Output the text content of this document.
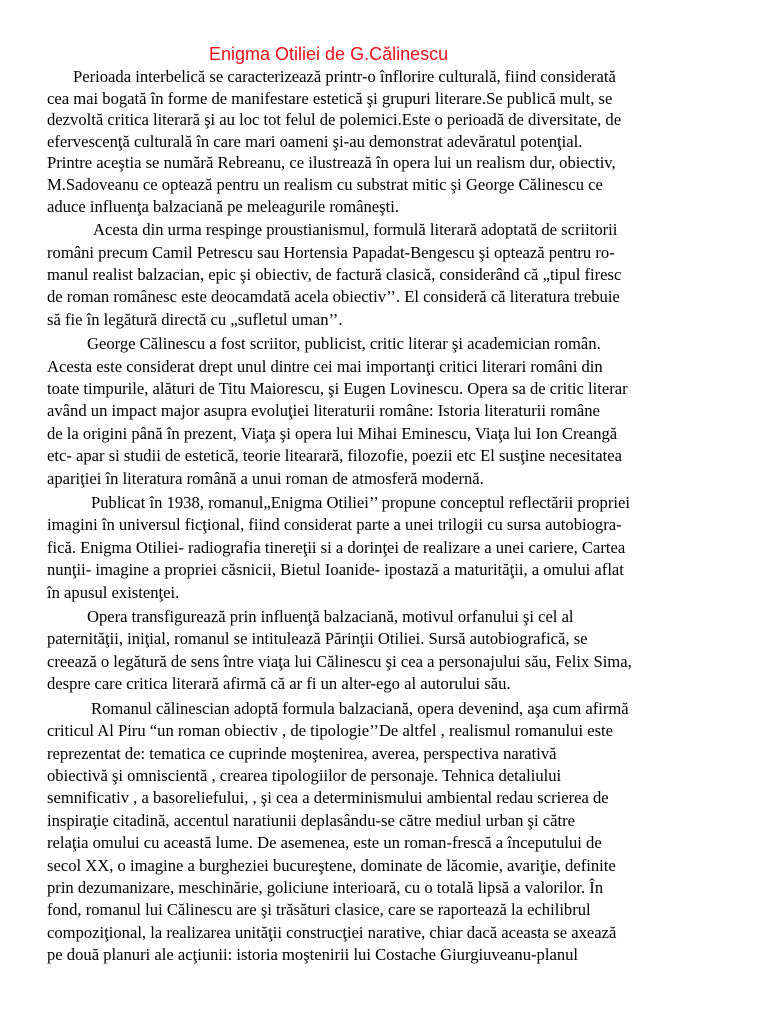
Enigma Otiliei de G.Călinescu

Perioada interbelică se caracterizează printr-o înflorire culturală, fiind considerată
cea mai bogată în forme de manifestare estetică şi grupuri literare.Se publică mult, se
dezvoltă critica literară şi au loc tot felul de polemici.Este o perioadă de diversitate, de
efervescenţă culturală în care mari oameni şi-au demonstrat adevăratul potenţial.
Printre aceştia se numără Rebreanu, ce ilustrează în opera lui un realism dur, obiectiv,
M.Sadoveanu ce optează pentru un realism cu substrat mitic şi George Călinescu ce
aduce influenţa balzaciană pe meleagurile româneşti.

Acesta din urma respinge proustianismul, formulă literară adoptată de scriitorii
români precum Camil Petrescu sau Hortensia Papadat-Bengescu şi optează pentru ro-
manul realist balzacian, epic şi obiectiv, de factură clasică, considerând că „tipul firesc
de roman românesc este deocamdată acela obiectiv’’. El consideră că literatura trebuie
să fie în legătură directă cu „sufletul uman’’.

George Călinescu a fost scriitor, publicist, critic literar şi academician român.
Acesta este considerat drept unul dintre cei mai importanţi critici literari români din
toate timpurile, alături de Titu Maiorescu, şi Eugen Lovinescu. Opera sa de critic literar
având un impact major asupra evoluţiei literaturii române: Istoria literaturii române
de la origini până în prezent, Viaţa şi opera lui Mihai Eminescu, Viaţa lui Ion Creangă
etc- apar si studii de estetică, teorie litearară, filozofie, poezii etc El susţine necesitatea
apariţiei în literatura română a unui roman de atmosferă modernă.

Publicat în 1938, romanul„Enigma Otiliei’’ propune conceptul reflectării propriei
imagini în universul ficţional, fiind considerat parte a unei trilogii cu sursa autobiogra-
fică. Enigma Otiliei- radiografia tinereţii si a dorinţei de realizare a unei cariere, Cartea
nunţii- imagine a propriei căsnicii, Bietul Ioanide- ipostază a maturităţii, a omului aflat
în apusul existenţei.

Opera transfigurează prin influenţă balzaciană, motivul orfanului şi cel al
paternităţii, iniţial, romanul se intitulează Părinţii Otiliei. Sursă autobiografică, se
creează o legătură de sens între viaţa lui Călinescu şi cea a personajului său, Felix Sima,
despre care critica literară afirmă că ar fi un alter-ego al autorului său.

Romanul călinescian adoptă formula balzaciană, opera devenind, aşa cum afirmă
criticul Al Piru “un roman obiectiv , de tipologie’’De altfel , realismul romanului este
reprezentat de: tematica ce cuprinde moştenirea, averea, perspectiva narativă
obiectivă şi omniscientă , crearea tipologiilor de personaje. Tehnica detaliului
semnificativ , a basoreliefului, , şi cea a determinismului ambiental redau scrierea de
inspiraţie citadină, accentul naratiunii deplasându-se către mediul urban şi către
relaţia omului cu această lume. De asemenea, este un roman-frescă a începutului de
secol XX, o imagine a burgheziei bucureştene, dominate de lăcomie, avariţie, definite
prin dezumanizare, meschinărie, goliciune interioară, cu o totală lipsă a valorilor. În
fond, romanul lui Călinescu are şi trăsături clasice, care se raportează la echilibrul
compoziţional, la realizarea unităţii construcţiei narative, chiar dacă aceasta se axează
pe două planuri ale acţiunii: istoria moştenirii lui Costache Giurgiuveanu-planul
